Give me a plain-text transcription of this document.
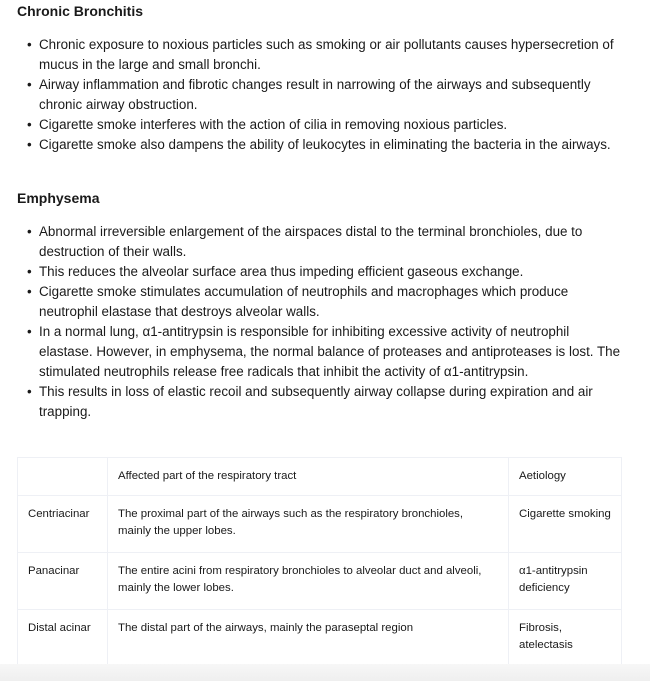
Chronic Bronchitis
Emphysema
• Chronic exposure to noxious particles such as smoking or air pollutants causes hypersecretion of mucus in the large and small bronchi.
• Airway inflammation and fibrotic changes result in narrowing of the airways and subsequently chronic airway obstruction.
• Cigarette smoke interferes with the action of cilia in removing noxious particles.
• Cigarette smoke also dampens the ability of leukocytes in eliminating the bacteria in the airways.
• Abnormal irreversible enlargement of the airspaces distal to the terminal bronchioles, due to destruction of their walls.
• This reduces the alveolar surface area thus impeding efficient gaseous exchange.
• Cigarette smoke stimulates accumulation of neutrophils and macrophages which produce neutrophil elastase that destroys alveolar walls.
• In a normal lung, α1-antitrypsin is responsible for inhibiting excessive activity of neutrophil elastase. However, in emphysema, the normal balance of proteases and antiproteases is lost. The stimulated neutrophils release free radicals that inhibit the activity of α1-antitrypsin.
• This results in loss of elastic recoil and subsequently airway collapse during expiration and air trapping.
	Affected part of the respiratory tract	Aetiology
Centriacinar	The proximal part of the airways such as the respiratory bronchioles, mainly the upper lobes.	Cigarette smoking
Panacinar	The entire acini from respiratory bronchioles to alveolar duct and alveoli, mainly the lower lobes.	α1-antitrypsin deficiency
Distal acinar	The distal part of the airways, mainly the paraseptal region	Fibrosis, atelectasis
